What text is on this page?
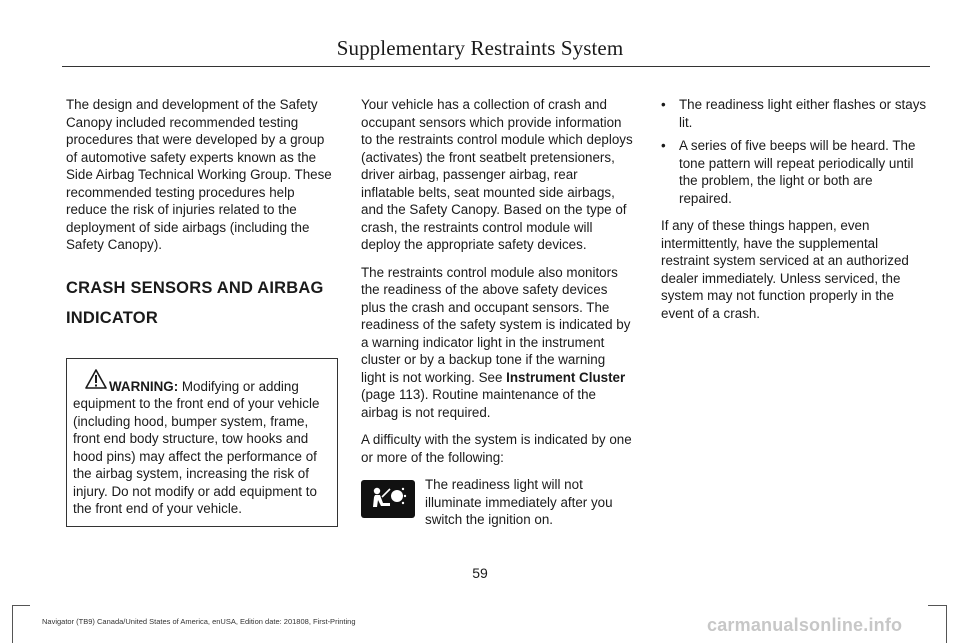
Supplementary Restraints System

The design and development of the Safety Canopy included recommended testing procedures that were developed by a group of automotive safety experts known as the Side Airbag Technical Working Group. These recommended testing procedures help reduce the risk of injuries related to the deployment of side airbags (including the Safety Canopy).

CRASH SENSORS AND AIRBAG
INDICATOR
WARNING: Modifying or adding equipment to the front end of your vehicle (including hood, bumper system, frame, front end body structure, tow hooks and hood pins) may affect the performance of the airbag system, increasing the risk of injury. Do not modify or add equipment to the front end of your vehicle.

Your vehicle has a collection of crash and occupant sensors which provide information to the restraints control module which deploys (activates) the front seatbelt pretensioners, driver airbag, passenger airbag, rear inflatable belts, seat mounted side airbags, and the Safety Canopy. Based on the type of crash, the restraints control module will deploy the appropriate safety devices.

The restraints control module also monitors the readiness of the above safety devices plus the crash and occupant sensors. The readiness of the safety system is indicated by a warning indicator light in the instrument cluster or by a backup tone if the warning light is not working. See Instrument Cluster (page 113). Routine maintenance of the airbag is not required.

A difficulty with the system is indicated by one or more of the following:

The readiness light will not illuminate immediately after you switch the ignition on.
• The readiness light either flashes or stays lit.
• A series of five beeps will be heard. The tone pattern will repeat periodically until the problem, the light or both are repaired.

If any of these things happen, even intermittently, have the supplemental restraint system serviced at an authorized dealer immediately. Unless serviced, the system may not function properly in the event of a crash.

59
Navigator (TB9) Canada/United States of America, enUSA, Edition date: 201808, First-Printing	carmanualsonline.info
